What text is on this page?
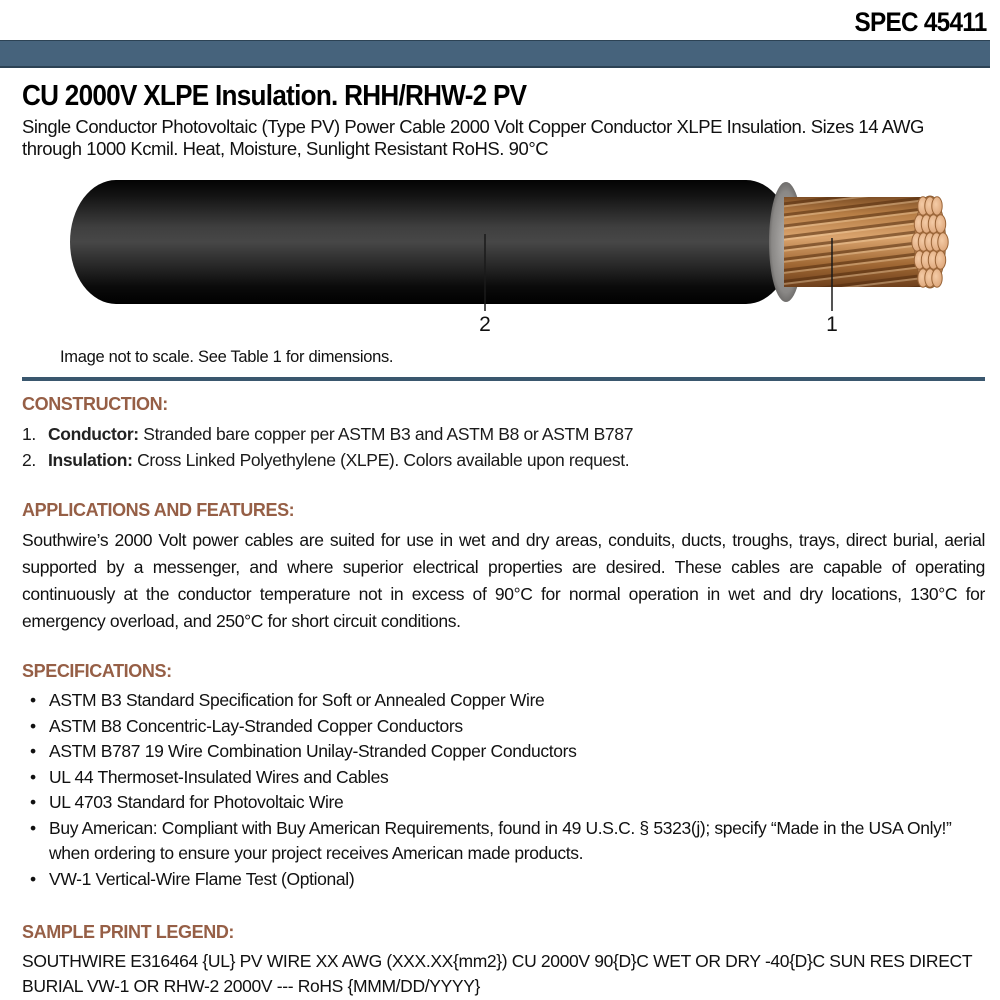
SPEC 45411
CU 2000V XLPE Insulation. RHH/RHW-2 PV
Single Conductor Photovoltaic (Type PV) Power Cable 2000 Volt Copper Conductor XLPE Insulation. Sizes 14 AWG through 1000 Kcmil. Heat, Moisture, Sunlight Resistant RoHS. 90°C
2	1
Image not to scale. See Table 1 for dimensions.
CONSTRUCTION:
1. Conductor: Stranded bare copper per ASTM B3 and ASTM B8 or ASTM B787
2. Insulation: Cross Linked Polyethylene (XLPE). Colors available upon request.
APPLICATIONS AND FEATURES:

Southwire’s 2000 Volt power cables are suited for use in wet and dry areas, conduits, ducts, troughs, trays, direct burial, aerial supported by a messenger, and where superior electrical properties are desired. These cables are capable of operating continuously at the conductor temperature not in excess of 90°C for normal operation in wet and dry locations, 130°C for emergency overload, and 250°C for short circuit conditions.

SPECIFICATIONS:
• ASTM B3 Standard Specification for Soft or Annealed Copper Wire
• ASTM B8 Concentric-Lay-Stranded Copper Conductors
• ASTM B787 19 Wire Combination Unilay-Stranded Copper Conductors
• UL 44 Thermoset-Insulated Wires and Cables
• UL 4703 Standard for Photovoltaic Wire
• Buy American: Compliant with Buy American Requirements, found in 49 U.S.C. § 5323(j); specify “Made in the USA Only!” when ordering to ensure your project receives American made products.
• VW-1 Vertical-Wire Flame Test (Optional)
SAMPLE PRINT LEGEND:

SOUTHWIRE E316464 {UL} PV WIRE XX AWG (XXX.XX{mm2}) CU 2000V 90{D}C WET OR DRY -40{D}C SUN RES DIRECT BURIAL VW-1 OR RHW-2 2000V --- RoHS {MMM/DD/YYYY}
